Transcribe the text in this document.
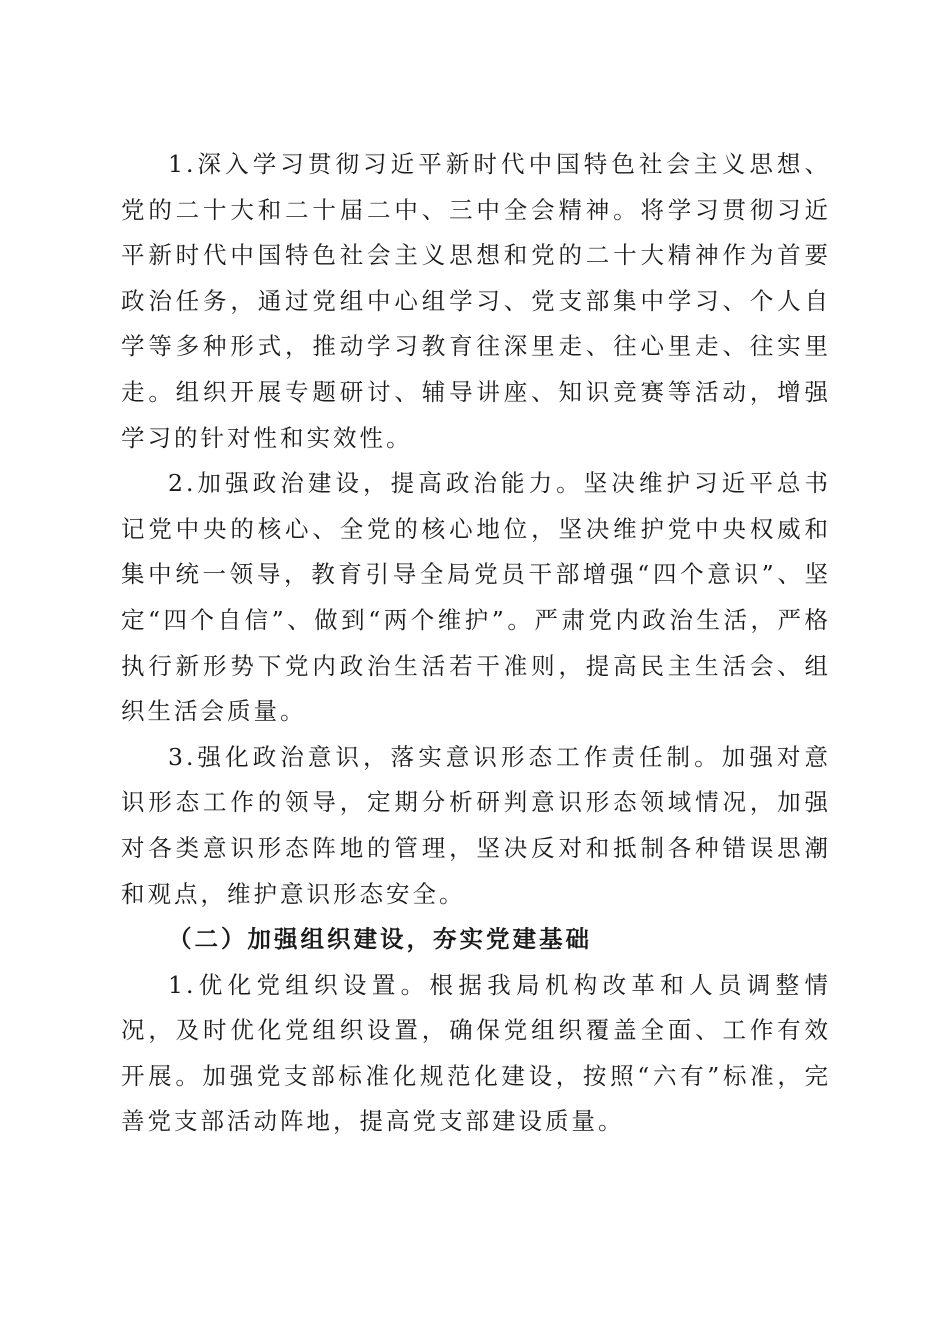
1.深入学习贯彻习近平新时代中国特色社会主义思想、党的二十大和二十届二中、三中全会精神。将学习贯彻习近平新时代中国特色社会主义思想和党的二十大精神作为首要政治任务，通过党组中心组学习、党支部集中学习、个人自学等多种形式，推动学习教育往深里走、往心里走、往实里走。组织开展专题研讨、辅导讲座、知识竞赛等活动，增强学习的针对性和实效性。

2.加强政治建设，提高政治能力。坚决维护习近平总书记党中央的核心、全党的核心地位，坚决维护党中央权威和集中统一领导，教育引导全局党员干部增强“四个意识”、坚定“四个自信”、做到“两个维护”。严肃党内政治生活，严格执行新形势下党内政治生活若干准则，提高民主生活会、组织生活会质量。

3.强化政治意识，落实意识形态工作责任制。加强对意识形态工作的领导，定期分析研判意识形态领域情况，加强对各类意识形态阵地的管理，坚决反对和抵制各种错误思潮和观点，维护意识形态安全。

（二）加强组织建设，夯实党建基础

1.优化党组织设置。根据我局机构改革和人员调整情况，及时优化党组织设置，确保党组织覆盖全面、工作有效开展。加强党支部标准化规范化建设，按照“六有”标准，完善党支部活动阵地，提高党支部建设质量。
